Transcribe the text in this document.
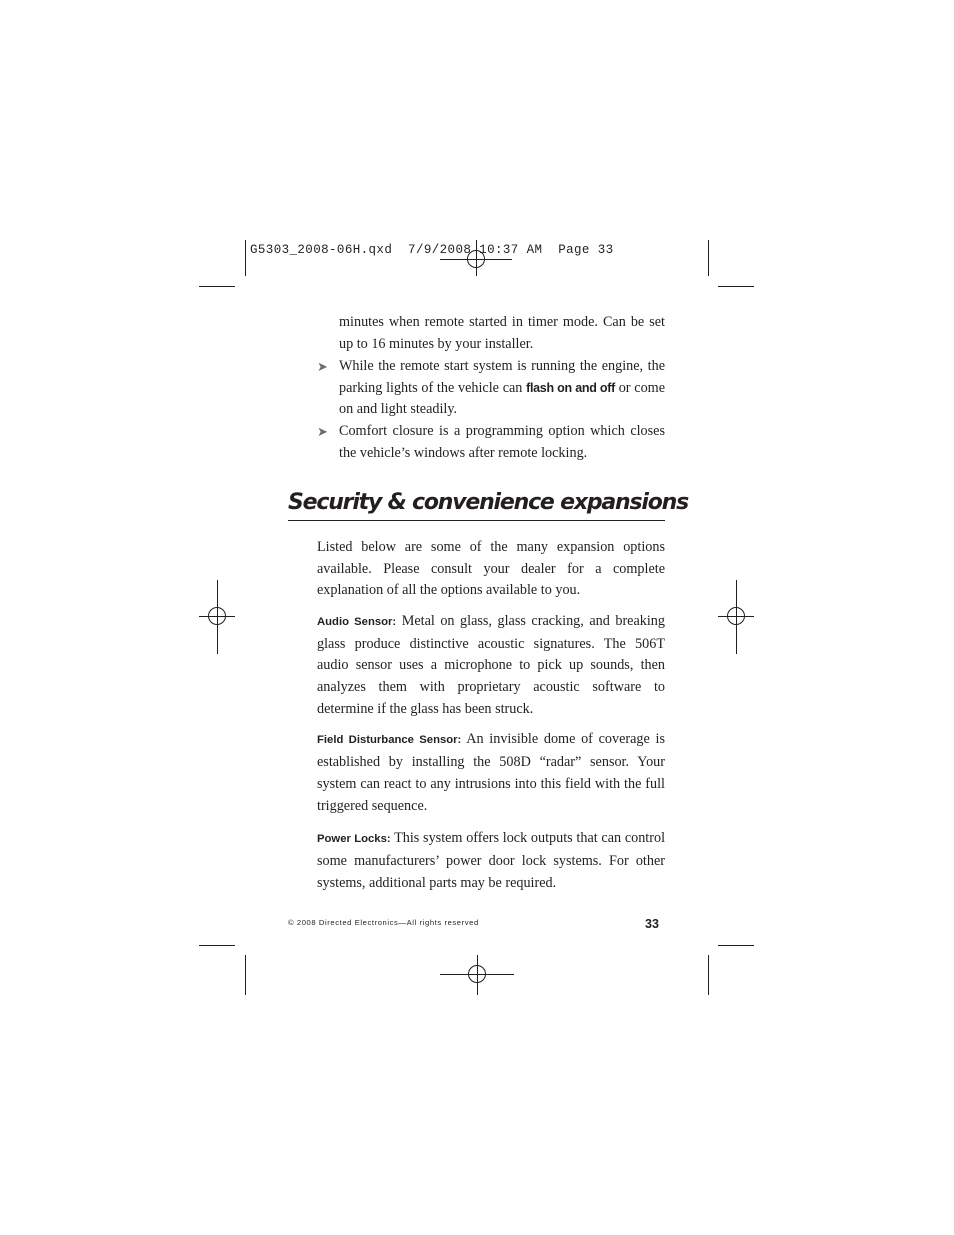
G5303_2008-06H.qxd 7/9/2008 10:37 AM Page 33

minutes when remote started in timer mode. Can be set up to 16 minutes by your installer.

➤ While the remote start system is running the engine, the parking lights of the vehicle can flash on and off or come on and light steadily.

➤ Comfort closure is a programming option which closes the vehicle’s windows after remote locking.

Security & convenience expansions

Listed below are some of the many expansion options available. Please consult your dealer for a complete explanation of all the options available to you.

Audio Sensor: Metal on glass, glass cracking, and breaking glass produce distinctive acoustic signatures. The 506T audio sensor uses a microphone to pick up sounds, then analyzes them with proprietary acoustic software to determine if the glass has been struck.

Field Disturbance Sensor: An invisible dome of coverage is established by installing the 508D “radar” sensor. Your system can react to any intrusions into this field with the full triggered sequence.

Power Locks: This system offers lock outputs that can control some manufacturers’ power door lock systems. For other systems, additional parts may be required.

© 2008 Directed Electronics—All rights reserved	33
